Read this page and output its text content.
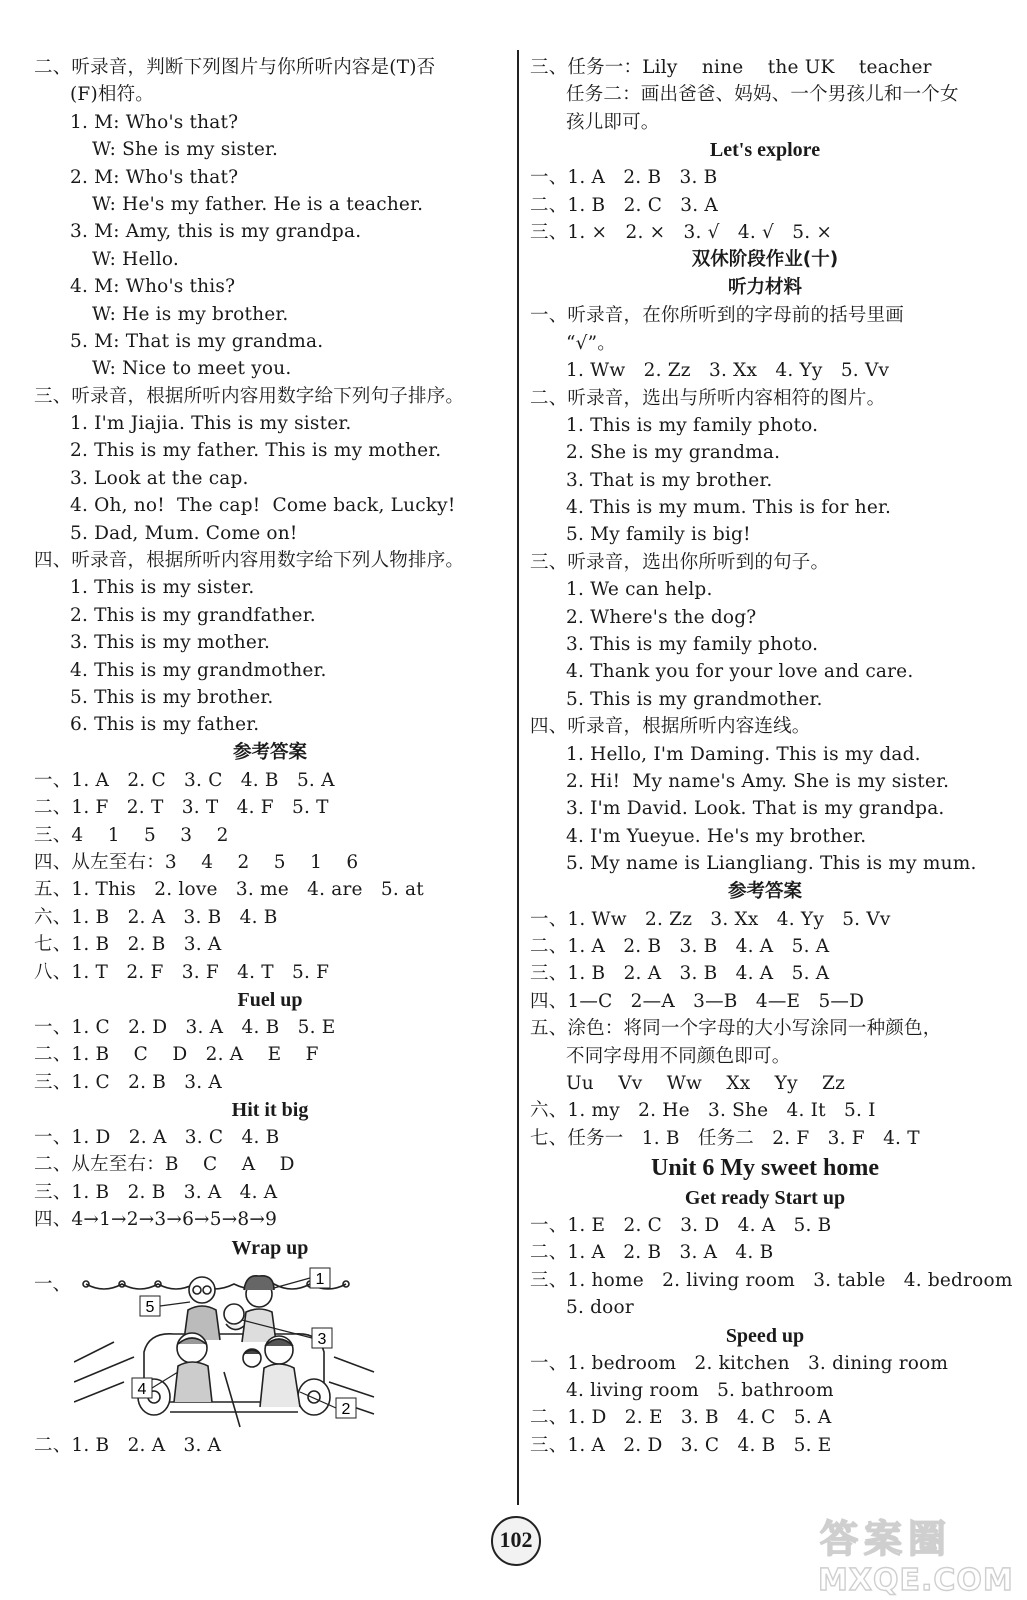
二、听录音，判断下列图片与你所听内容是(T)否
(F)相符。
1. M: Who's that?
W: She is my sister.
2. M: Who's that?
W: He's my father. He is a teacher.
3. M: Amy, this is my grandpa.
W: Hello.
4. M: Who's this?
W: He is my brother.
5. M: That is my grandma.
W: Nice to meet you.
三、听录音，根据所听内容用数字给下列句子排序。
1. I'm Jiajia. This is my sister.
2. This is my father. This is my mother.
3. Look at the cap.
4. Oh, no!  The cap!  Come back, Lucky!
5. Dad, Mum. Come on!
四、听录音，根据所听内容用数字给下列人物排序。
1. This is my sister.
2. This is my grandfather.
3. This is my mother.
4. This is my grandmother.
5. This is my brother.
6. This is my father.
参考答案
一、1. A   2. C   3. C   4. B   5. A
二、1. F   2. T   3. T   4. F   5. T
三、4    1    5    3    2
四、从左至右：3    4    2    5    1    6
五、1. This   2. love   3. me   4. are   5. at
六、1. B   2. A   3. B   4. B
七、1. B   2. B   3. A
八、1. T   2. F   3. F   4. T   5. F
Fuel up
一、1. C   2. D   3. A   4. B   5. E
二、1. B    C    D   2. A    E    F
三、1. C   2. B   3. A
Hit it big
一、1. D   2. A   3. C   4. B
二、从左至右：B    C    A    D
三、1. B   2. B   3. A   4. A
四、4→1→2→3→6→5→8→9
Wrap up
一、	1
2
3
4
5
二、1. B   2. A   3. A
三、任务一：Lily    nine    the UK    teacher
任务二：画出爸爸、妈妈、一个男孩儿和一个女
孩儿即可。
Let's explore
一、1. A   2. B   3. B
二、1. B   2. C   3. A
三、1. ×   2. ×   3. √   4. √   5. ×
双休阶段作业(十)
听力材料
一、听录音，在你所听到的字母前的括号里画
“√”。
1. Ww   2. Zz   3. Xx   4. Yy   5. Vv
二、听录音，选出与所听内容相符的图片。
1. This is my family photo.
2. She is my grandma.
3. That is my brother.
4. This is my mum. This is for her.
5. My family is big!
三、听录音，选出你所听到的句子。
1. We can help.
2. Where's the dog?
3. This is my family photo.
4. Thank you for your love and care.
5. This is my grandmother.
四、听录音，根据所听内容连线。
1. Hello, I'm Daming. This is my dad.
2. Hi!  My name's Amy. She is my sister.
3. I'm David. Look. That is my grandpa.
4. I'm Yueyue. He's my brother.
5. My name is Liangliang. This is my mum.
参考答案
一、1. Ww   2. Zz   3. Xx   4. Yy   5. Vv
二、1. A   2. B   3. B   4. A   5. A
三、1. B   2. A   3. B   4. A   5. A
四、1—C   2—A   3—B   4—E   5—D
五、涂色：将同一个字母的大小写涂同一种颜色，
不同字母用不同颜色即可。
Uu    Vv    Ww    Xx    Yy    Zz
六、1. my   2. He   3. She   4. It   5. I
七、任务一   1. B   任务二   2. F   3. F   4. T
Unit 6 My sweet home
Get ready Start up
一、1. E   2. C   3. D   4. A   5. B
二、1. A   2. B   3. A   4. B
三、1. home   2. living room   3. table   4. bedroom
5. door
Speed up
一、1. bedroom   2. kitchen   3. dining room
4. living room   5. bathroom
二、1. D   2. E   3. B   4. C   5. A
三、1. A   2. D   3. C   4. B   5. E
102	答案圈
MXQE.COM
